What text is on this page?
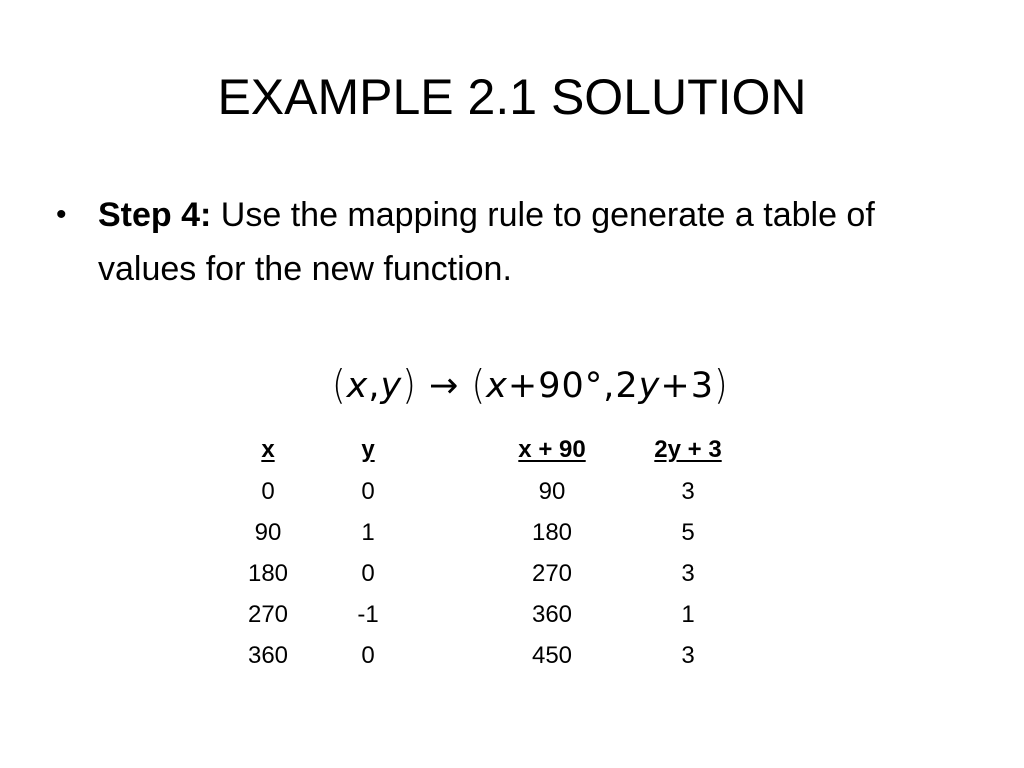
EXAMPLE 2.1 SOLUTION
• Step 4: Use the mapping rule to generate a table of values for the new function.
(x,y) → (x+90°,2y+3)
x	y	x + 90	2y + 3
0	0	90	3
90	1	180	5
180	0	270	3
270	-1	360	1
360	0	450	3
